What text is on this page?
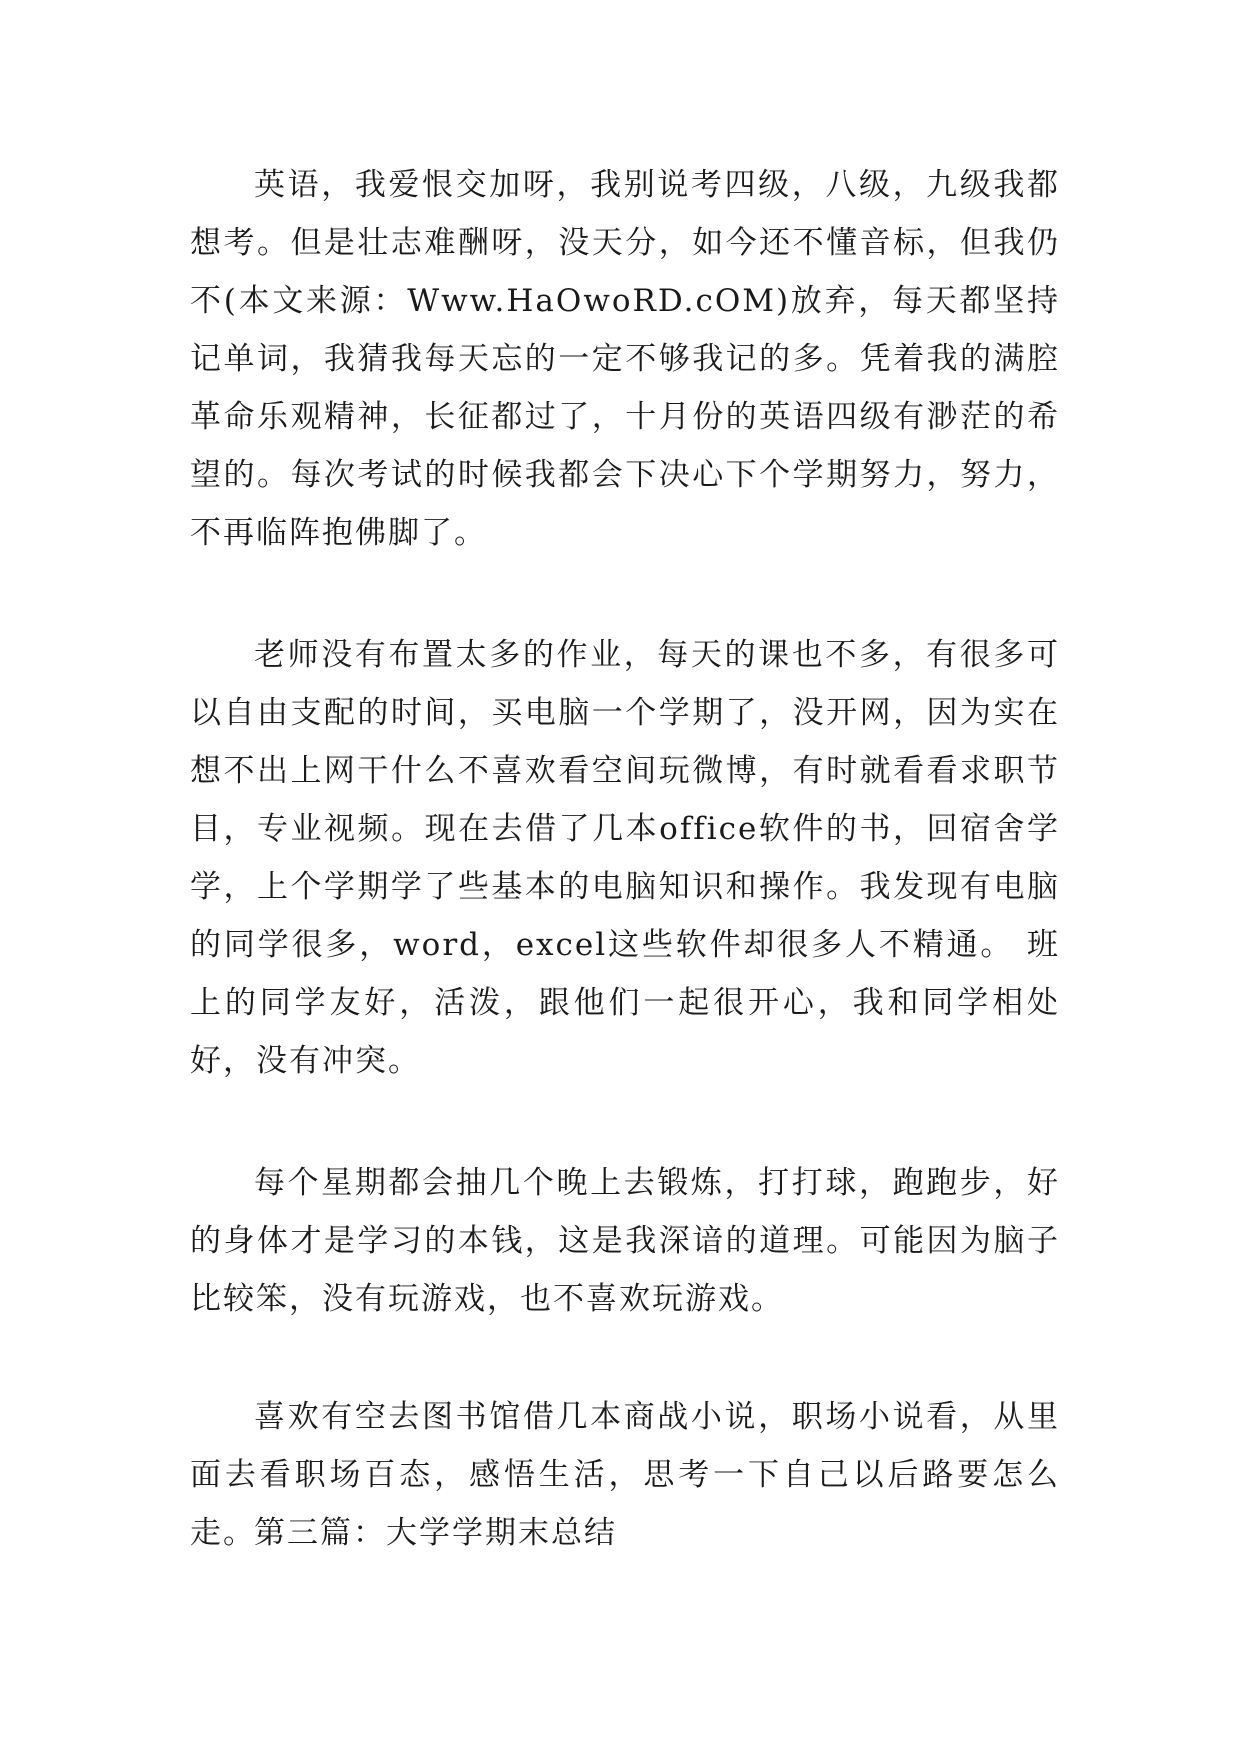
英语，我爱恨交加呀，我别说考四级，八级，九级我都想考。但是壮志难酬呀，没天分，如今还不懂音标，但我仍不(本文来源：Www.HaOwoRD.cOM)放弃，每天都坚持记单词，我猜我每天忘的一定不够我记的多。凭着我的满腔革命乐观精神，长征都过了，十月份的英语四级有渺茫的希望的。每次考试的时候我都会下决心下个学期努力，努力，不再临阵抱佛脚了。

老师没有布置太多的作业，每天的课也不多，有很多可以自由支配的时间，买电脑一个学期了，没开网，因为实在想不出上网干什么不喜欢看空间玩微博，有时就看看求职节目，专业视频。现在去借了几本office软件的书，回宿舍学学，上个学期学了些基本的电脑知识和操作。我发现有电脑的同学很多，word，excel这些软件却很多人不精通。 班上的同学友好，活泼，跟他们一起很开心，我和同学相处好，没有冲突。

每个星期都会抽几个晚上去锻炼，打打球，跑跑步，好的身体才是学习的本钱，这是我深谙的道理。可能因为脑子比较笨，没有玩游戏，也不喜欢玩游戏。

喜欢有空去图书馆借几本商战小说，职场小说看，从里面去看职场百态，感悟生活，思考一下自己以后路要怎么走。

第三篇：大学学期末总结
